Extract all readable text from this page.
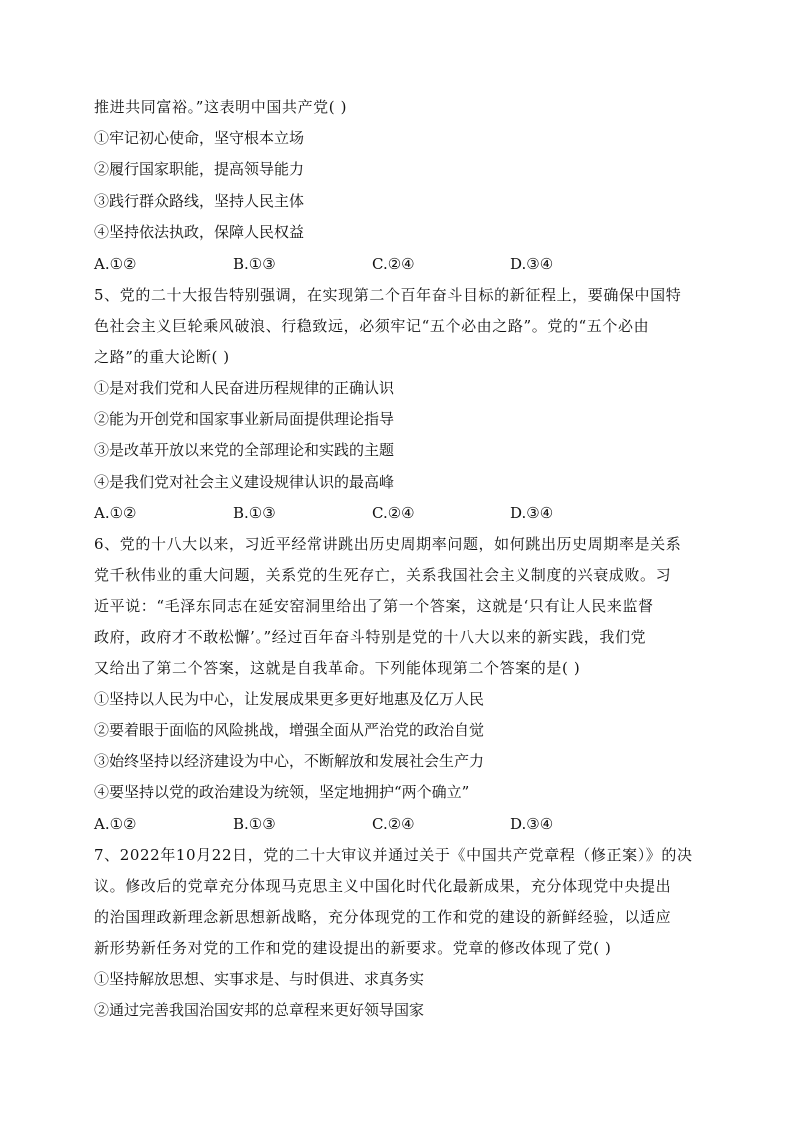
推进共同富裕。”这表明中国共产党( )
①牢记初心使命，坚守根本立场
②履行国家职能，提高领导能力
③践行群众路线，坚持人民主体
④坚持依法执政，保障人民权益
A.①②	B.①③	C.②④	D.③④
5、党的二十大报告特别强调，在实现第二个百年奋斗目标的新征程上，要确保中国特
色社会主义巨轮乘风破浪、行稳致远，必须牢记“五个必由之路”。党的“五个必由
之路”的重大论断( )
①是对我们党和人民奋进历程规律的正确认识
②能为开创党和国家事业新局面提供理论指导
③是改革开放以来党的全部理论和实践的主题
④是我们党对社会主义建设规律认识的最高峰
A.①②	B.①③	C.②④	D.③④
6、党的十八大以来，习近平经常讲跳出历史周期率问题，如何跳出历史周期率是关系
党千秋伟业的重大问题，关系党的生死存亡，关系我国社会主义制度的兴衰成败。习
近平说：“毛泽东同志在延安窑洞里给出了第一个答案，这就是‘只有让人民来监督
政府，政府才不敢松懈’。”经过百年奋斗特别是党的十八大以来的新实践，我们党
又给出了第二个答案，这就是自我革命。下列能体现第二个答案的是( )
①坚持以人民为中心，让发展成果更多更好地惠及亿万人民
②要着眼于面临的风险挑战，增强全面从严治党的政治自觉
③始终坚持以经济建设为中心，不断解放和发展社会生产力
④要坚持以党的政治建设为统领，坚定地拥护“两个确立”
A.①②	B.①③	C.②④	D.③④
7、2022年10月22日，党的二十大审议并通过关于《中国共产党章程（修正案）》的决
议。修改后的党章充分体现马克思主义中国化时代化最新成果，充分体现党中央提出
的治国理政新理念新思想新战略，充分体现党的工作和党的建设的新鲜经验，以适应
新形势新任务对党的工作和党的建设提出的新要求。党章的修改体现了党( )
①坚持解放思想、实事求是、与时俱进、求真务实
②通过完善我国治国安邦的总章程来更好领导国家
